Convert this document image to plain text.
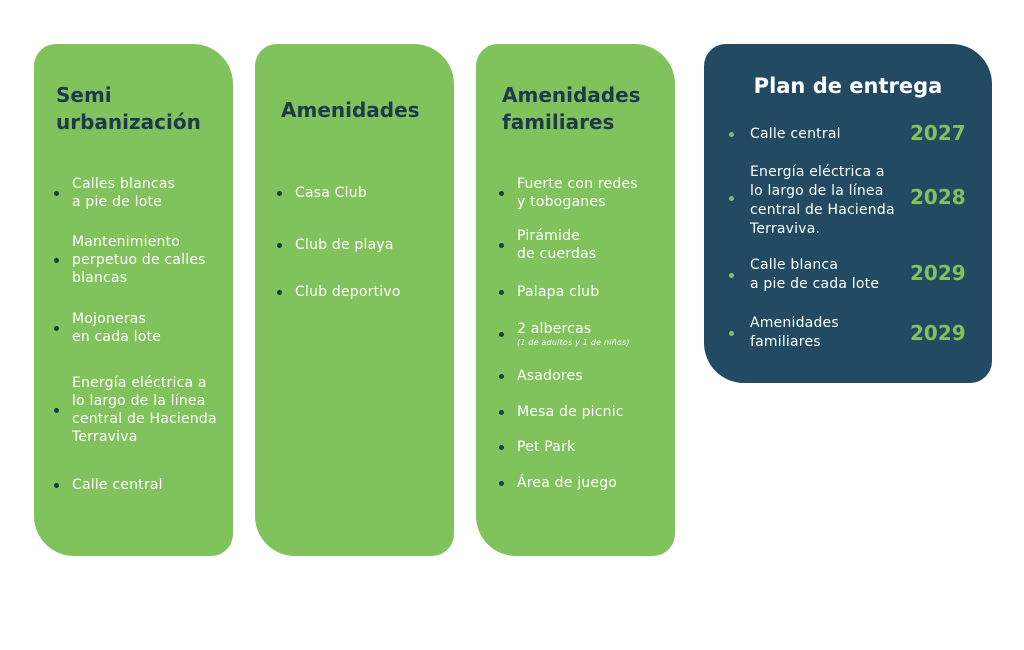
Semi
urbanización
Calles blancas
a pie de lote
Mantenimiento
perpetuo de calles
blancas
Mojoneras
en cada lote
Energía eléctrica a
lo largo de la línea
central de Hacienda
Terraviva
Calle central
Amenidades
Casa Club
Club de playa
Club deportivo
Amenidades
familiares
Fuerte con redes
y toboganes
Pirámide
de cuerdas
Palapa club
2 albercas
(1 de adultos y 1 de niños)
Asadores
Mesa de picnic
Pet Park
Área de juego
Plan de entrega
Calle central	2027
Energía eléctrica a
lo largo de la línea
central de Hacienda
Terraviva.
2028
Calle blanca
a pie de cada lote 2029
Amenidades
familiares	2029
